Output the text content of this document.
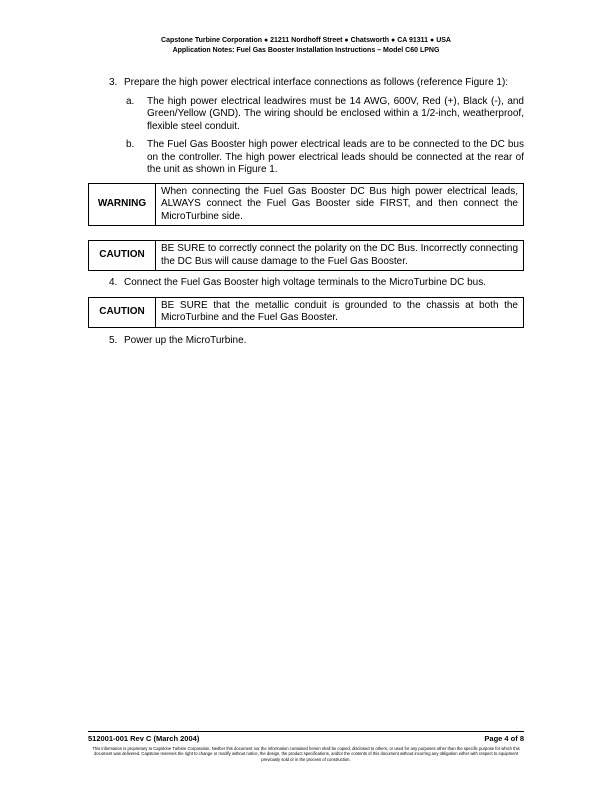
Capstone Turbine Corporation ● 21211 Nordhoff Street ● Chatsworth ● CA 91311 ● USA
Application Notes: Fuel Gas Booster Installation Instructions – Model C60 LPNG
3. Prepare the high power electrical interface connections as follows (reference Figure 1):
a. The high power electrical leadwires must be 14 AWG, 600V, Red (+), Black (-), and Green/Yellow (GND). The wiring should be enclosed within a 1/2-inch, weatherproof, flexible steel conduit.
b. The Fuel Gas Booster high power electrical leads are to be connected to the DC bus on the controller. The high power electrical leads should be connected at the rear of the unit as shown in Figure 1.
WARNING	When connecting the Fuel Gas Booster DC Bus high power electrical leads, ALWAYS connect the Fuel Gas Booster side FIRST, and then connect the MicroTurbine side.
CAUTION	BE SURE to correctly connect the polarity on the DC Bus. Incorrectly connecting the DC Bus will cause damage to the Fuel Gas Booster.
4. Connect the Fuel Gas Booster high voltage terminals to the MicroTurbine DC bus.
CAUTION	BE SURE that the metallic conduit is grounded to the chassis at both the MicroTurbine and the Fuel Gas Booster.
5. Power up the MicroTurbine.
512001-001 Rev C (March 2004)	Page 4 of 8
This information is proprietary to Capstone Turbine Corporation. Neither this document nor the information contained herein shall be copied, disclosed to others, or used for any purposes other than the specific purpose for which this document was delivered. Capstone reserves the right to change or modify without notice, the design, the product specifications, and/or the contents of this document without incurring any obligation either with respect to equipment previously sold or in the process of construction.
